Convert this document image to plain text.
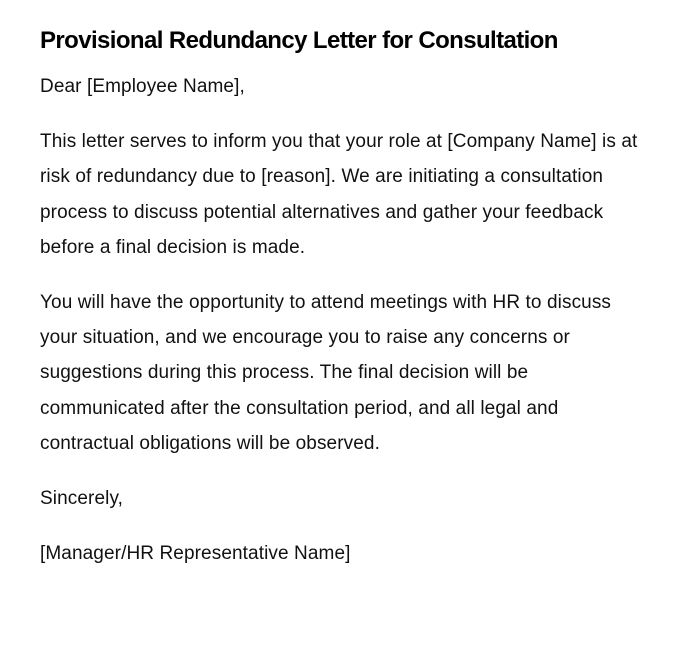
Provisional Redundancy Letter for Consultation

Dear [Employee Name],

This letter serves to inform you that your role at [Company Name] is at risk of redundancy due to [reason]. We are initiating a consultation process to discuss potential alternatives and gather your feedback before a final decision is made.

You will have the opportunity to attend meetings with HR to discuss your situation, and we encourage you to raise any concerns or suggestions during this process. The final decision will be communicated after the consultation period, and all legal and contractual obligations will be observed.

Sincerely,

[Manager/HR Representative Name]
